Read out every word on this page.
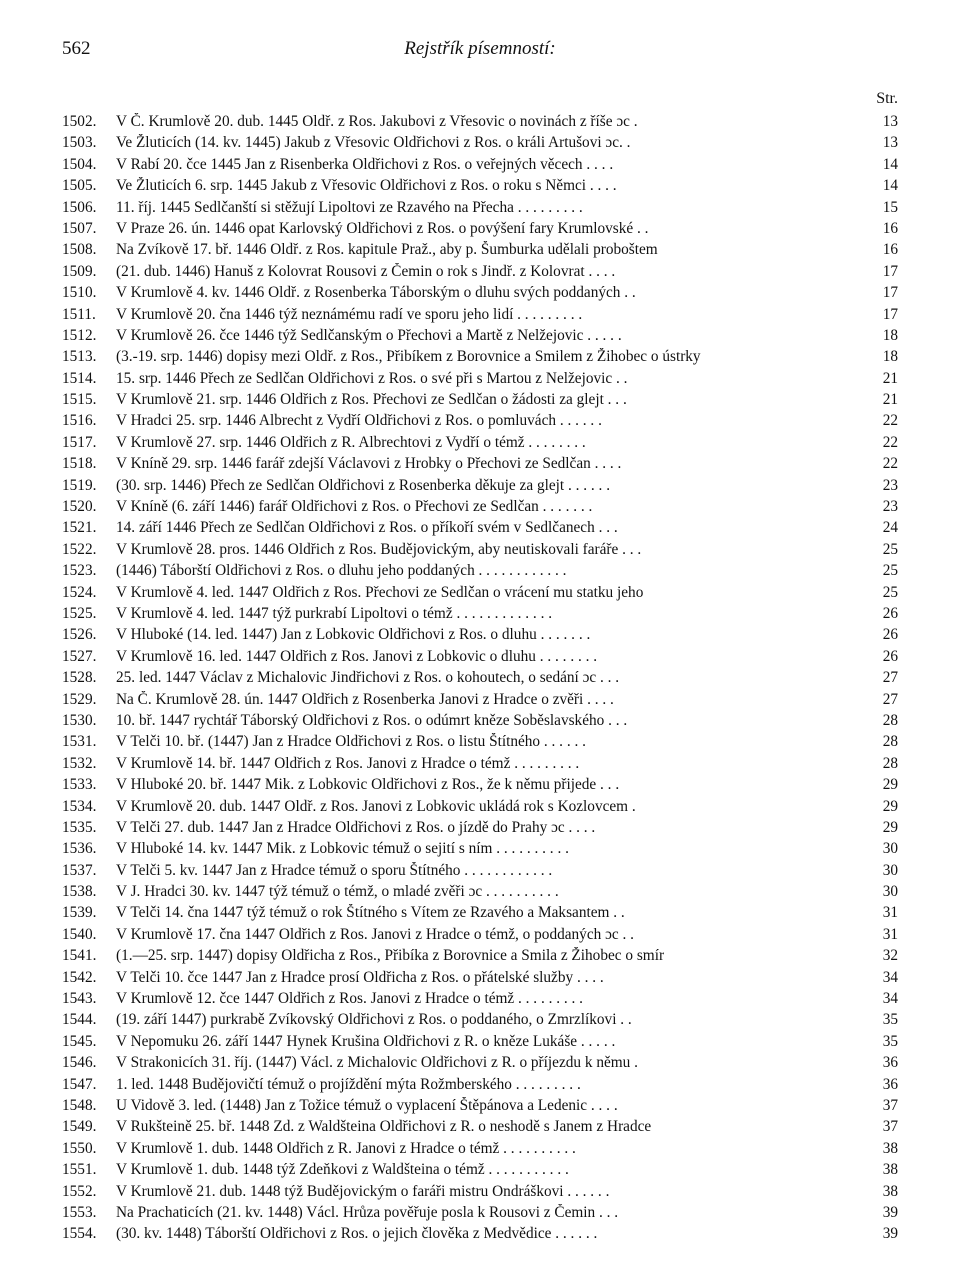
562	Rejstřík písemností:
Str.
1502.	V Č. Krumlově 20. dub. 1445 Oldř. z Ros. Jakubovi z Vřesovic o novinách z říše ɔc .	13
1503.	Ve Žluticích (14. kv. 1445) Jakub z Vřesovic Oldřichovi z Ros. o králi Artušovi ɔc. .	13
1504.	V Rabí 20. čce 1445 Jan z Risenberka Oldřichovi z Ros. o veřejných věcech . . . .	14
1505.	Ve Žluticích 6. srp. 1445 Jakub z Vřesovic Oldřichovi z Ros. o roku s Němci . . . .	14
1506.	11. říj. 1445 Sedlčanští si stěžují Lipoltovi ze Rzavého na Přecha . . . . . . . . .	15
1507.	V Praze 26. ún. 1446 opat Karlovský Oldřichovi z Ros. o povýšení fary Krumlovské . .	16
1508.	Na Zvíkově 17. bř. 1446 Oldř. z Ros. kapitule Praž., aby p. Šumburka udělali proboštem	16
1509.	(21. dub. 1446) Hanuš z Kolovrat Rousovi z Čemin o rok s Jindř. z Kolovrat . . . .	17
1510.	V Krumlově 4. kv. 1446 Oldř. z Rosenberka Táborským o dluhu svých poddaných . .	17
1511.	V Krumlově 20. čna 1446 týž neznámému radí ve sporu jeho lidí . . . . . . . . .	17
1512.	V Krumlově 26. čce 1446 týž Sedlčanským o Přechovi a Martě z Nelžejovic . . . . .	18
1513.	(3.-19. srp. 1446) dopisy mezi Oldř. z Ros., Přibíkem z Borovnice a Smilem z Žihobec o ústrky	18
1514.	15. srp. 1446 Přech ze Sedlčan Oldřichovi z Ros. o své při s Martou z Nelžejovic . .	21
1515.	V Krumlově 21. srp. 1446 Oldřich z Ros. Přechovi ze Sedlčan o žádosti za glejt . . .	21
1516.	V Hradci 25. srp. 1446 Albrecht z Vydří Oldřichovi z Ros. o pomluvách . . . . . .	22
1517.	V Krumlově 27. srp. 1446 Oldřich z R. Albrechtovi z Vydří o témž . . . . . . . .	22
1518.	V Kníně 29. srp. 1446 farář zdejší Václavovi z Hrobky o Přechovi ze Sedlčan . . . .	22
1519.	(30. srp. 1446) Přech ze Sedlčan Oldřichovi z Rosenberka děkuje za glejt . . . . . .	23
1520.	V Kníně (6. září 1446) farář Oldřichovi z Ros. o Přechovi ze Sedlčan . . . . . . .	23
1521.	14. září 1446 Přech ze Sedlčan Oldřichovi z Ros. o příkoří svém v Sedlčanech . . .	24
1522.	V Krumlově 28. pros. 1446 Oldřich z Ros. Budějovickým, aby neutiskovali faráře . . .	25
1523.	(1446) Táborští Oldřichovi z Ros. o dluhu jeho poddaných . . . . . . . . . . . .	25
1524.	V Krumlově 4. led. 1447 Oldřich z Ros. Přechovi ze Sedlčan o vrácení mu statku jeho	25
1525.	V Krumlově 4. led. 1447 týž purkrabí Lipoltovi o témž . . . . . . . . . . . . .	26
1526.	V Hluboké (14. led. 1447) Jan z Lobkovic Oldřichovi z Ros. o dluhu . . . . . . .	26
1527.	V Krumlově 16. led. 1447 Oldřich z Ros. Janovi z Lobkovic o dluhu . . . . . . . .	26
1528.	25. led. 1447 Václav z Michalovic Jindřichovi z Ros. o kohoutech, o sedání ɔc . . .	27
1529.	Na Č. Krumlově 28. ún. 1447 Oldřich z Rosenberka Janovi z Hradce o zvěři . . . .	27
1530.	10. bř. 1447 rychtář Táborský Oldřichovi z Ros. o odúmrt kněze Soběslavského . . .	28
1531.	V Telči 10. bř. (1447) Jan z Hradce Oldřichovi z Ros. o listu Štítného . . . . . .	28
1532.	V Krumlově 14. bř. 1447 Oldřich z Ros. Janovi z Hradce o témž . . . . . . . . .	28
1533.	V Hluboké 20. bř. 1447 Mik. z Lobkovic Oldřichovi z Ros., že k němu přijede . . .	29
1534.	V Krumlově 20. dub. 1447 Oldř. z Ros. Janovi z Lobkovic ukládá rok s Kozlovcem .	29
1535.	V Telči 27. dub. 1447 Jan z Hradce Oldřichovi z Ros. o jízdě do Prahy ɔc . . . .	29
1536.	V Hluboké 14. kv. 1447 Mik. z Lobkovic témuž o sejití s ním . . . . . . . . . .	30
1537.	V Telči 5. kv. 1447 Jan z Hradce témuž o sporu Štítného . . . . . . . . . . . .	30
1538.	V J. Hradci 30. kv. 1447 týž témuž o témž, o mladé zvěři ɔc . . . . . . . . . .	30
1539.	V Telči 14. čna 1447 týž témuž o rok Štítného s Vítem ze Rzavého a Maksantem . .	31
1540.	V Krumlově 17. čna 1447 Oldřich z Ros. Janovi z Hradce o témž, o poddaných ɔc . .	31
1541.	(1.—25. srp. 1447) dopisy Oldřicha z Ros., Přibíka z Borovnice a Smila z Žihobec o smír	32
1542.	V Telči 10. čce 1447 Jan z Hradce prosí Oldřicha z Ros. o přátelské služby . . . .	34
1543.	V Krumlově 12. čce 1447 Oldřich z Ros. Janovi z Hradce o témž . . . . . . . . .	34
1544.	(19. září 1447) purkrabě Zvíkovský Oldřichovi z Ros. o poddaného, o Zmrzlíkovi . .	35
1545.	V Nepomuku 26. září 1447 Hynek Krušina Oldřichovi z R. o kněze Lukáše . . . . .	35
1546.	V Strakonicích 31. říj. (1447) Václ. z Michalovic Oldřichovi z R. o příjezdu k němu .	36
1547.	1. led. 1448 Budějovičtí témuž o projíždění mýta Rožmberského . . . . . . . . .	36
1548.	U Vidově 3. led. (1448) Jan z Tožice témuž o vyplacení Štěpánova a Ledenic . . . .	37
1549.	V Rukšteině 25. bř. 1448 Zd. z Waldšteina Oldřichovi z R. o neshodě s Janem z Hradce	37
1550.	V Krumlově 1. dub. 1448 Oldřich z R. Janovi z Hradce o témž . . . . . . . . . .	38
1551.	V Krumlově 1. dub. 1448 týž Zdeňkovi z Waldšteina o témž . . . . . . . . . . .	38
1552.	V Krumlově 21. dub. 1448 týž Budějovickým o faráři mistru Ondráškovi . . . . . .	38
1553.	Na Prachaticích (21. kv. 1448) Václ. Hrůza pověřuje posla k Rousovi z Čemin . . .	39
1554.	(30. kv. 1448) Táborští Oldřichovi z Ros. o jejich člověka z Medvědice . . . . . .	39
